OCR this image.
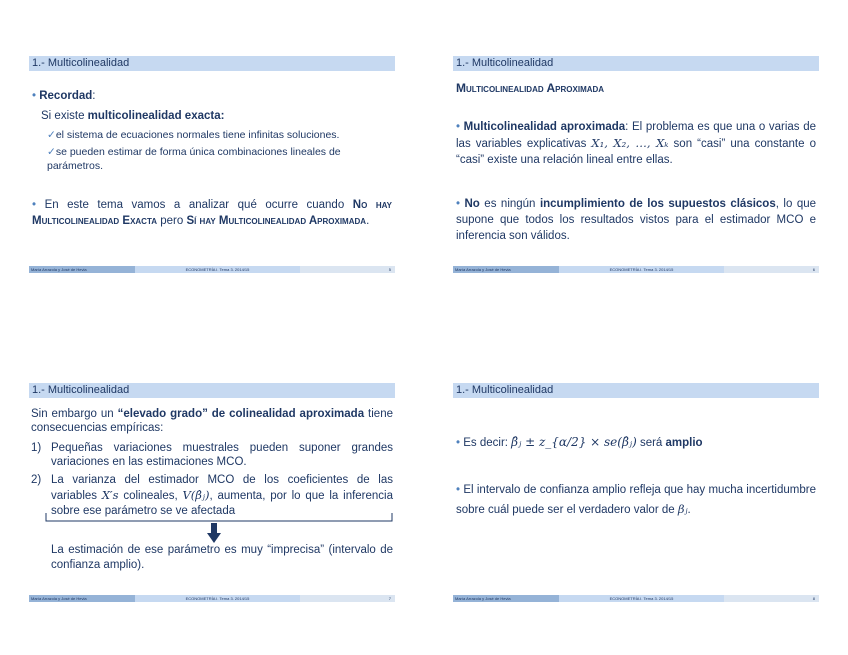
1.- Multicolinealidad
• Recordad:
Si existe multicolinealidad exacta:
✓el sistema de ecuaciones normales tiene infinitas soluciones.
✓se pueden estimar de forma única combinaciones lineales de parámetros.
• En este tema vamos a analizar qué ocurre cuando No hay Multicolinealidad Exacta pero Sí hay Multicolinealidad Aproximada.
María Arrazola y José de Hevia	ECONOMETRÍA I. Tema 3. 2014/15	5
1.- Multicolinealidad
Multicolinealidad Aproximada
• Multicolinealidad aproximada: El problema es que una o varias de las variables explicativas X₁, X₂, …, Xₖ son “casi” una constante o “casi” existe una relación lineal entre ellas.
• No es ningún incumplimiento de los supuestos clásicos, lo que supone que todos los resultados vistos para el estimador MCO e inferencia son válidos.
María Arrazola y José de Hevia	ECONOMETRÍA I. Tema 3. 2014/15	6
1.- Multicolinealidad
Sin embargo un “elevado grado” de colinealidad aproximada tiene consecuencias empíricas:
1) Pequeñas variaciones muestrales pueden suponer grandes variaciones en las estimaciones MCO.
2) La varianza del estimador MCO de los coeficientes de las variables X′s colineales, V(β̂ⱼ), aumenta, por lo que la inferencia sobre ese parámetro se ve afectada
La estimación de ese parámetro es muy “imprecisa” (intervalo de confianza amplio).
María Arrazola y José de Hevia	ECONOMETRÍA I. Tema 3. 2014/15	7
1.- Multicolinealidad
• Es decir: β̂ⱼ ± z_{α/2} × se(β̂ⱼ) será amplio
• El intervalo de confianza amplio refleja que hay mucha incertidumbre sobre cuál puede ser el verdadero valor de βⱼ.
María Arrazola y José de Hevia	ECONOMETRÍA I. Tema 3. 2014/15	8
